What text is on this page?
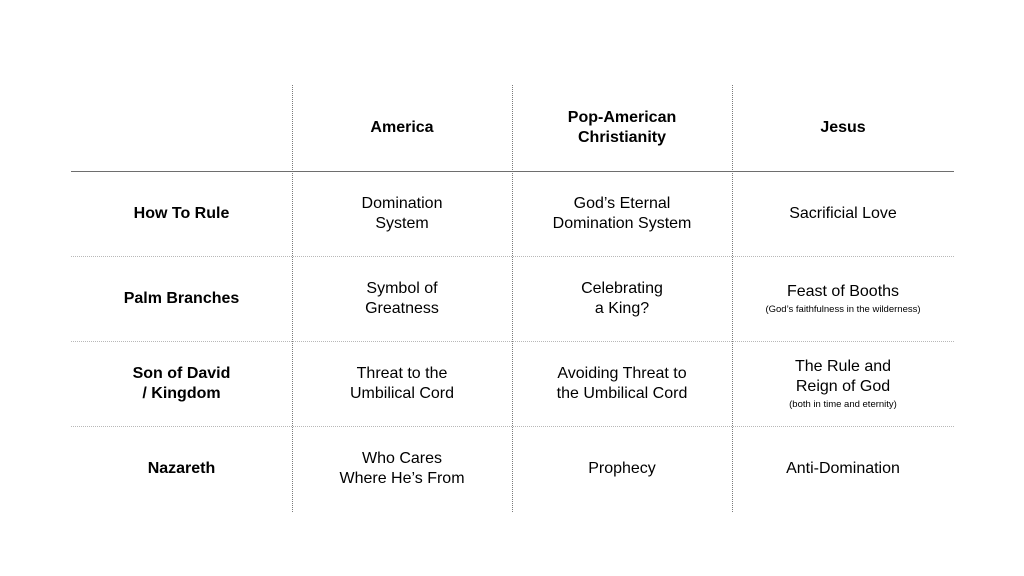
America
Pop-American
Christianity
Jesus
How To Rule
Domination
System
God’s Eternal
Domination System
Sacrificial Love
Palm Branches
Symbol of
Greatness
Celebrating
a King?
Feast of Booths
(God’s faithfulness in the wilderness)
Son of David
/ Kingdom
Threat to the
Umbilical Cord
Avoiding Threat to
the Umbilical Cord
The Rule and
Reign of God
(both in time and eternity)
Nazareth
Who Cares
Where He’s From
Prophecy	Anti-Domination
